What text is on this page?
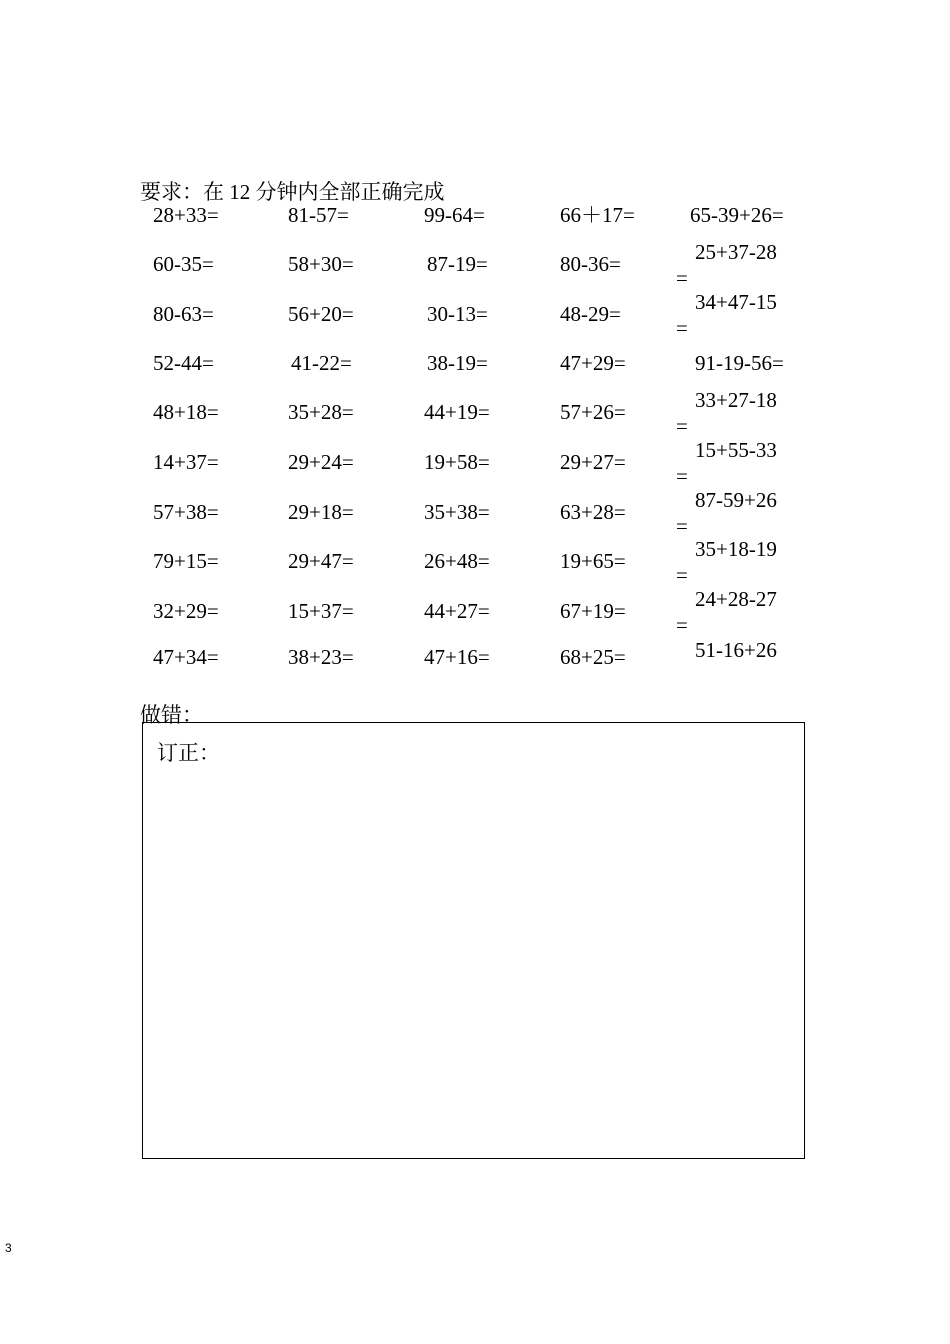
要求：在 12 分钟内全部正确完成
28+33=	81-57=	99-64=	66＋17=	65-39+26=
60-35=	58+30=	87-19=	80-36=	25+37-28
=
80-63=	56+20=	30-13=	48-29=	34+47-15
=
52-44=	41-22=	38-19=	47+29=	91-19-56=
48+18=	35+28=	44+19=	57+26=	33+27-18
=
14+37=	29+24=	19+58=	29+27=	15+55-33
=
57+38=	29+18=	35+38=	63+28=	87-59+26
=
79+15=	29+47=	26+48=	19+65=	35+18-19
=
32+29=	15+37=	44+27=	67+19=	24+28-27
=
47+34=	38+23=	47+16=	68+25=	51-16+26
做错：
订正：
3
